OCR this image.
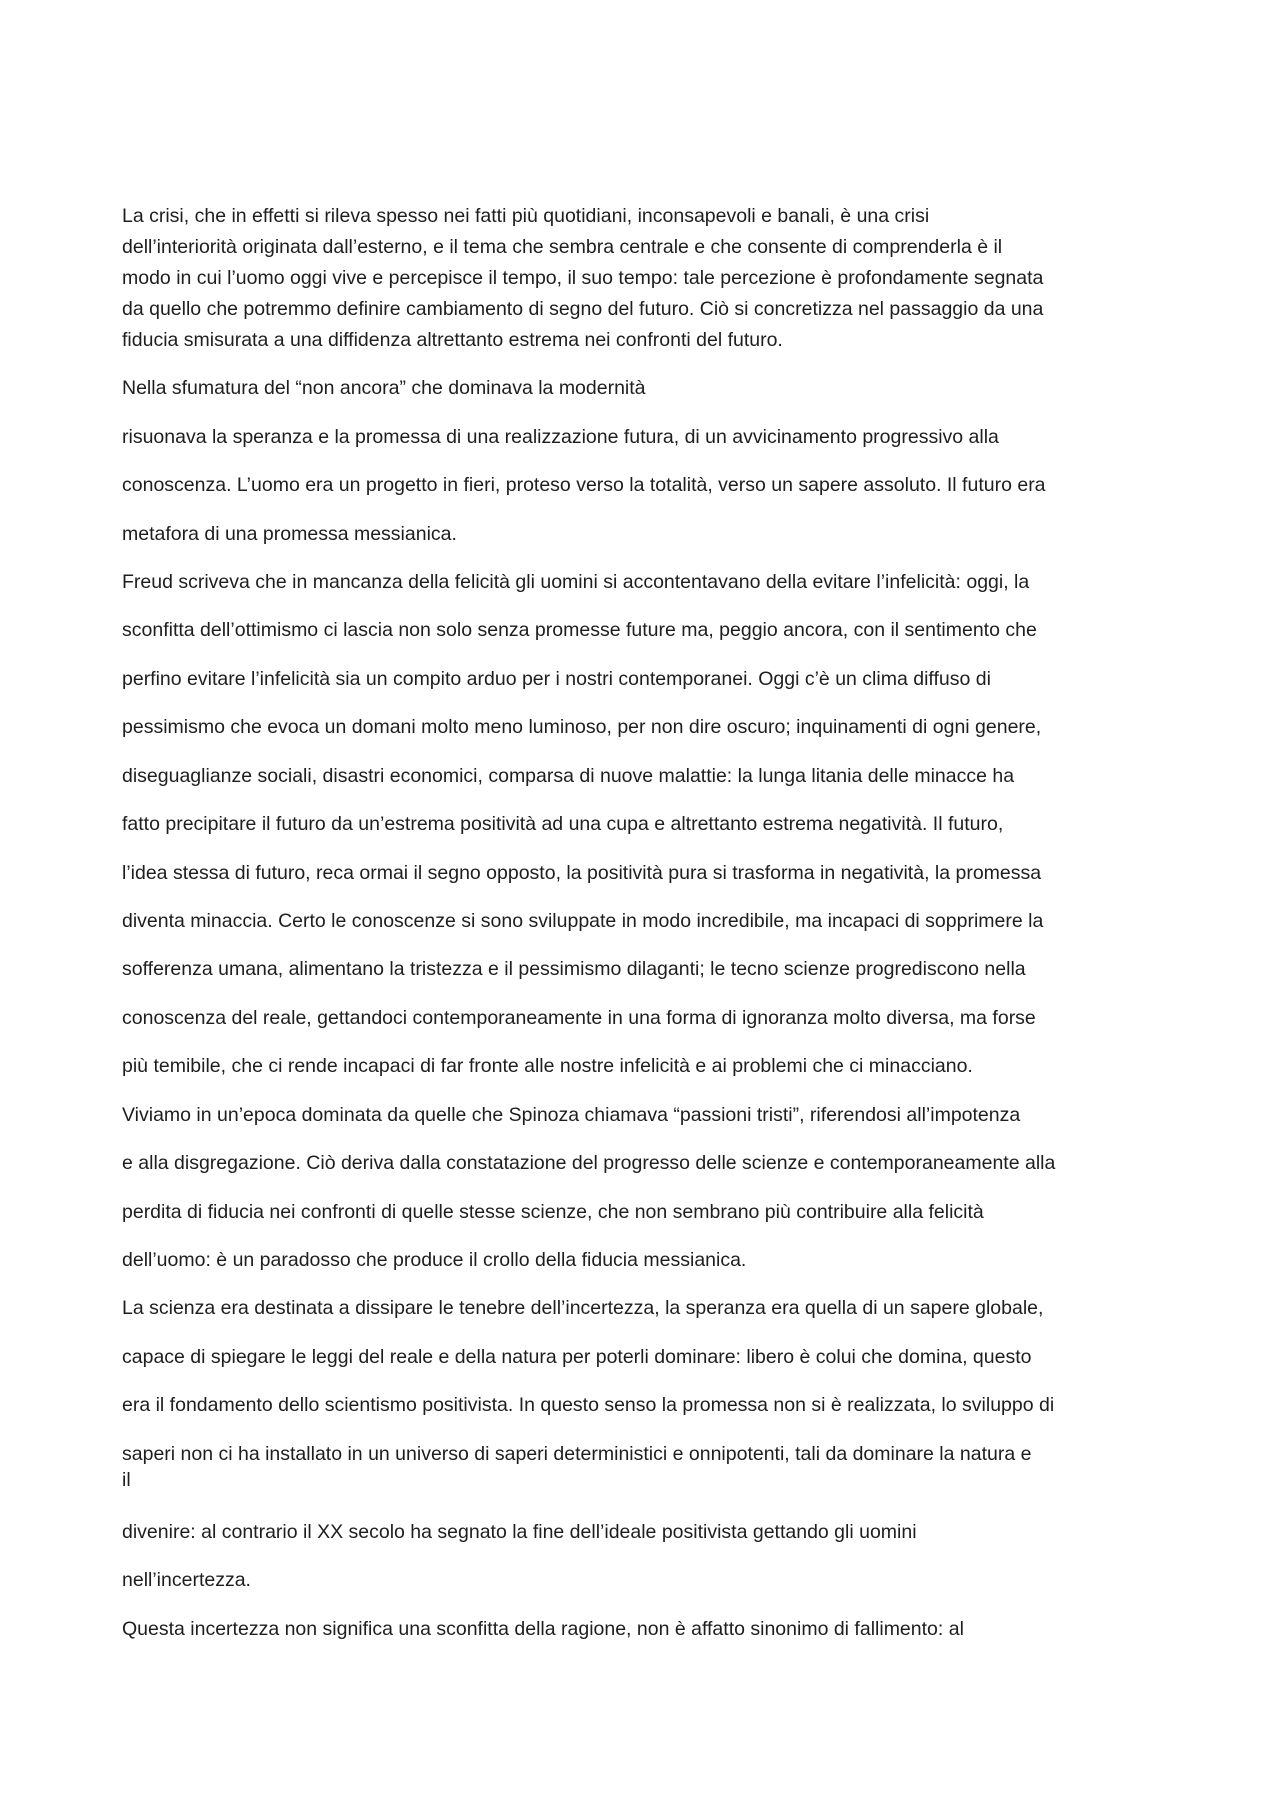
La crisi, che in effetti si rileva spesso nei fatti più quotidiani, inconsapevoli e banali, è una crisi

dell’interiorità originata dall’esterno, e il tema che sembra centrale e che consente di comprenderla è il

modo in cui l’uomo oggi vive e percepisce il tempo, il suo tempo: tale percezione è profondamente segnata

da quello che potremmo definire cambiamento di segno del futuro. Ciò si concretizza nel passaggio da una

fiducia smisurata a una diffidenza altrettanto estrema nei confronti del futuro.

Nella sfumatura del “non ancora” che dominava la modernità

risuonava la speranza e la promessa di una realizzazione futura, di un avvicinamento progressivo alla

conoscenza. L’uomo era un progetto in fieri, proteso verso la totalità, verso un sapere assoluto. Il futuro era

metafora di una promessa messianica.

Freud scriveva che in mancanza della felicità gli uomini si accontentavano della evitare l’infelicità: oggi, la

sconfitta dell’ottimismo ci lascia non solo senza promesse future ma, peggio ancora, con il sentimento che

perfino evitare l’infelicità sia un compito arduo per i nostri contemporanei. Oggi c’è un clima diffuso di

pessimismo che evoca un domani molto meno luminoso, per non dire oscuro; inquinamenti di ogni genere,

diseguaglianze sociali, disastri economici, comparsa di nuove malattie: la lunga litania delle minacce ha

fatto precipitare il futuro da un’estrema positività ad una cupa e altrettanto estrema negatività. Il futuro,

l’idea stessa di futuro, reca ormai il segno opposto, la positività pura si trasforma in negatività, la promessa

diventa minaccia. Certo le conoscenze si sono sviluppate in modo incredibile, ma incapaci di sopprimere la

sofferenza umana, alimentano la tristezza e il pessimismo dilaganti; le tecno scienze progrediscono nella

conoscenza del reale, gettandoci contemporaneamente in una forma di ignoranza molto diversa, ma forse

più temibile, che ci rende incapaci di far fronte alle nostre infelicità e ai problemi che ci minacciano.

Viviamo in un’epoca dominata da quelle che Spinoza chiamava “passioni tristi”, riferendosi all’impotenza

e alla disgregazione. Ciò deriva dalla constatazione del progresso delle scienze e contemporaneamente alla

perdita di fiducia nei confronti di quelle stesse scienze, che non sembrano più contribuire alla felicità

dell’uomo: è un paradosso che produce il crollo della fiducia messianica.

La scienza era destinata a dissipare le tenebre dell’incertezza, la speranza era quella di un sapere globale,

capace di spiegare le leggi del reale e della natura per poterli dominare: libero è colui che domina, questo

era il fondamento dello scientismo positivista. In questo senso la promessa non si è realizzata, lo sviluppo di

saperi non ci ha installato in un universo di saperi deterministici e onnipotenti, tali da dominare la natura e

il

divenire: al contrario il XX secolo ha segnato la fine dell’ideale positivista gettando gli uomini

nell’incertezza.

Questa incertezza non significa una sconfitta della ragione, non è affatto sinonimo di fallimento: al
